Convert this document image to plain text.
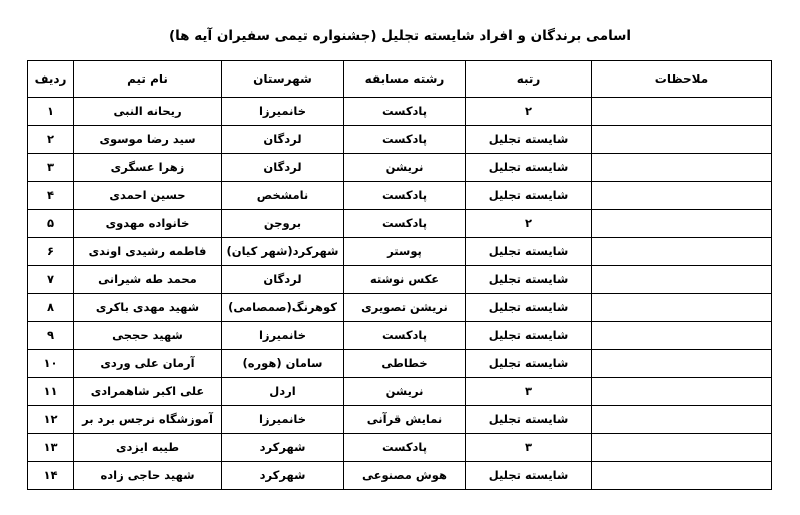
اسامی برندگان و افراد شایسته تجلیل (جشنواره تیمی سفیران آیه ها)
ملاحظات	رتبه	رشته مسابقه	شهرستان	نام تیم	ردیف
	۲	پادکست	خانمیرزا	ریحانه النبی	۱
	شایسته تجلیل	پادکست	لردگان	سید رضا موسوی	۲
	شایسته تجلیل	نریشن	لردگان	زهرا عسگری	۳
	شایسته تجلیل	پادکست	نامشخص	حسین احمدی	۴
	۲	پادکست	بروجن	خانواده مهدوی	۵
	شایسته تجلیل	پوستر	شهرکرد(شهر کیان)	فاطمه رشیدی اوندی	۶
	شایسته تجلیل	عکس نوشته	لردگان	محمد طه شیرانی	۷
	شایسته تجلیل	نریشن تصویری	کوهرنگ(صمصامی)	شهید مهدی باکری	۸
	شایسته تجلیل	پادکست	خانمیرزا	شهید حججی	۹
	شایسته تجلیل	خطاطی	سامان (هوره)	آرمان علی وردی	۱۰
	۳	نریشن	اردل	علی اکبر شاهمرادی	۱۱
	شایسته تجلیل	نمایش قرآنی	خانمیرزا	آموزشگاه نرجس برد بر	۱۲
	۳	پادکست	شهرکرد	طیبه ایزدی	۱۳
	شایسته تجلیل	هوش مصنوعی	شهرکرد	شهید حاجی زاده	۱۴
